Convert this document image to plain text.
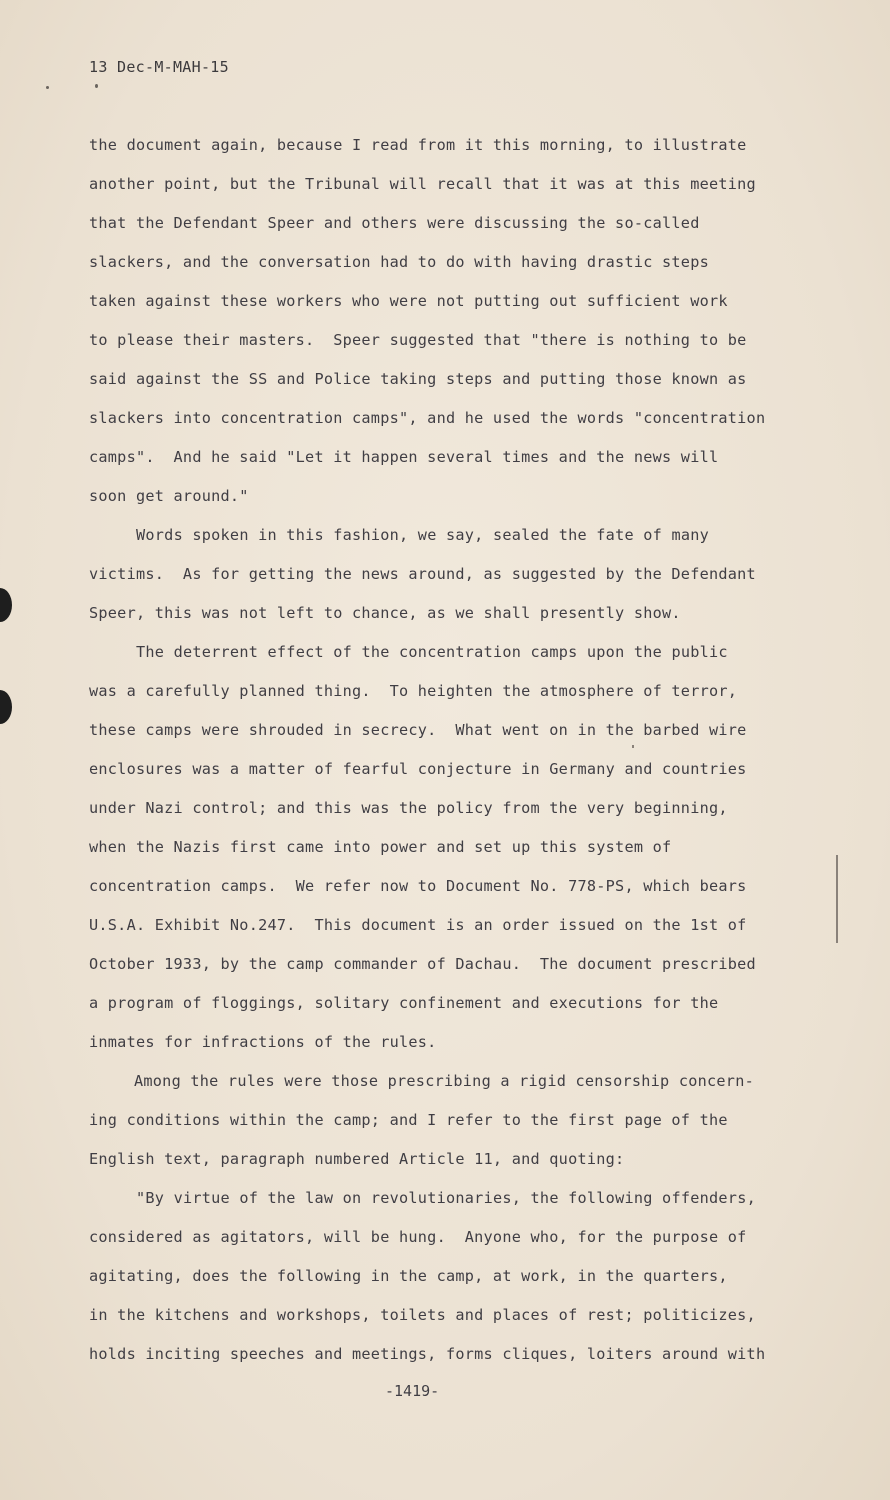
13 Dec-M-MAH-15
the document again, because I read from it this morning, to illustrate
another point, but the Tribunal will recall that it was at this meeting
that the Defendant Speer and others were discussing the so-called
slackers, and the conversation had to do with having drastic steps
taken against these workers who were not putting out sufficient work
to please their masters.  Speer suggested that "there is nothing to be
said against the SS and Police taking steps and putting those known as
slackers into concentration camps", and he used the words "concentration
camps".  And he said "Let it happen several times and the news will
soon get around."
Words spoken in this fashion, we say, sealed the fate of many
victims.  As for getting the news around, as suggested by the Defendant
Speer, this was not left to chance, as we shall presently show.
The deterrent effect of the concentration camps upon the public
was a carefully planned thing.  To heighten the atmosphere of terror,
these camps were shrouded in secrecy.  What went on in the barbed wire
enclosures was a matter of fearful conjecture in Germany and countries
under Nazi control; and this was the policy from the very beginning,
when the Nazis first came into power and set up this system of
concentration camps.  We refer now to Document No. 778-PS, which bears
U.S.A. Exhibit No.247.  This document is an order issued on the 1st of
October 1933, by the camp commander of Dachau.  The document prescribed
a program of floggings, solitary confinement and executions for the
inmates for infractions of the rules.
Among the rules were those prescribing a rigid censorship concern-
ing conditions within the camp; and I refer to the first page of the
English text, paragraph numbered Article 11, and quoting:
"By virtue of the law on revolutionaries, the following offenders,
considered as agitators, will be hung.  Anyone who, for the purpose of
agitating, does the following in the camp, at work, in the quarters,
in the kitchens and workshops, toilets and places of rest; politicizes,
holds inciting speeches and meetings, forms cliques, loiters around with
-1419-
